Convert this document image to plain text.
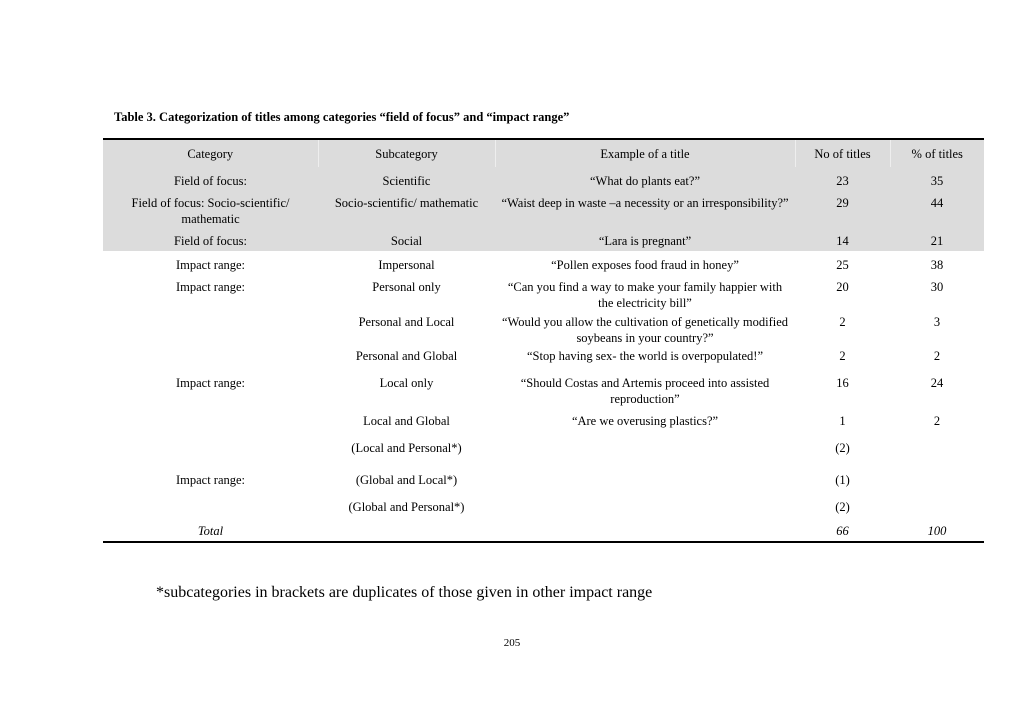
Table 3. Categorization of titles among categories “field of focus” and “impact range”
Category	Subcategory	Example of a title	No of titles	% of titles
Field of focus:	Scientific	“What do plants eat?”	23	35
Field of focus: Socio-scientific/ mathematic	Socio-scientific/ mathematic	“Waist deep in waste –a necessity or an irresponsibility?”	29	44
Field of focus:	Social	“Lara is pregnant”	14	21
Impact range:	Impersonal	“Pollen exposes food fraud in honey”	25	38
Impact range:	Personal only	“Can you find a way to make your family happier with the electricity bill”	20	30
	Personal and Local	“Would you allow the cultivation of genetically modified soybeans in your country?”	2	3
	Personal and Global	“Stop having sex- the world is overpopulated!”	2	2
Impact range:	Local only	“Should Costas and Artemis proceed into assisted reproduction”	16	24
	Local and Global	“Are we overusing plastics?”	1	2
	(Local and Personal*)		(2)	
Impact range:	(Global and Local*)		(1)	
	(Global and Personal*)		(2)	
Total			66	100
*subcategories in brackets are duplicates of those given in other impact range
205
